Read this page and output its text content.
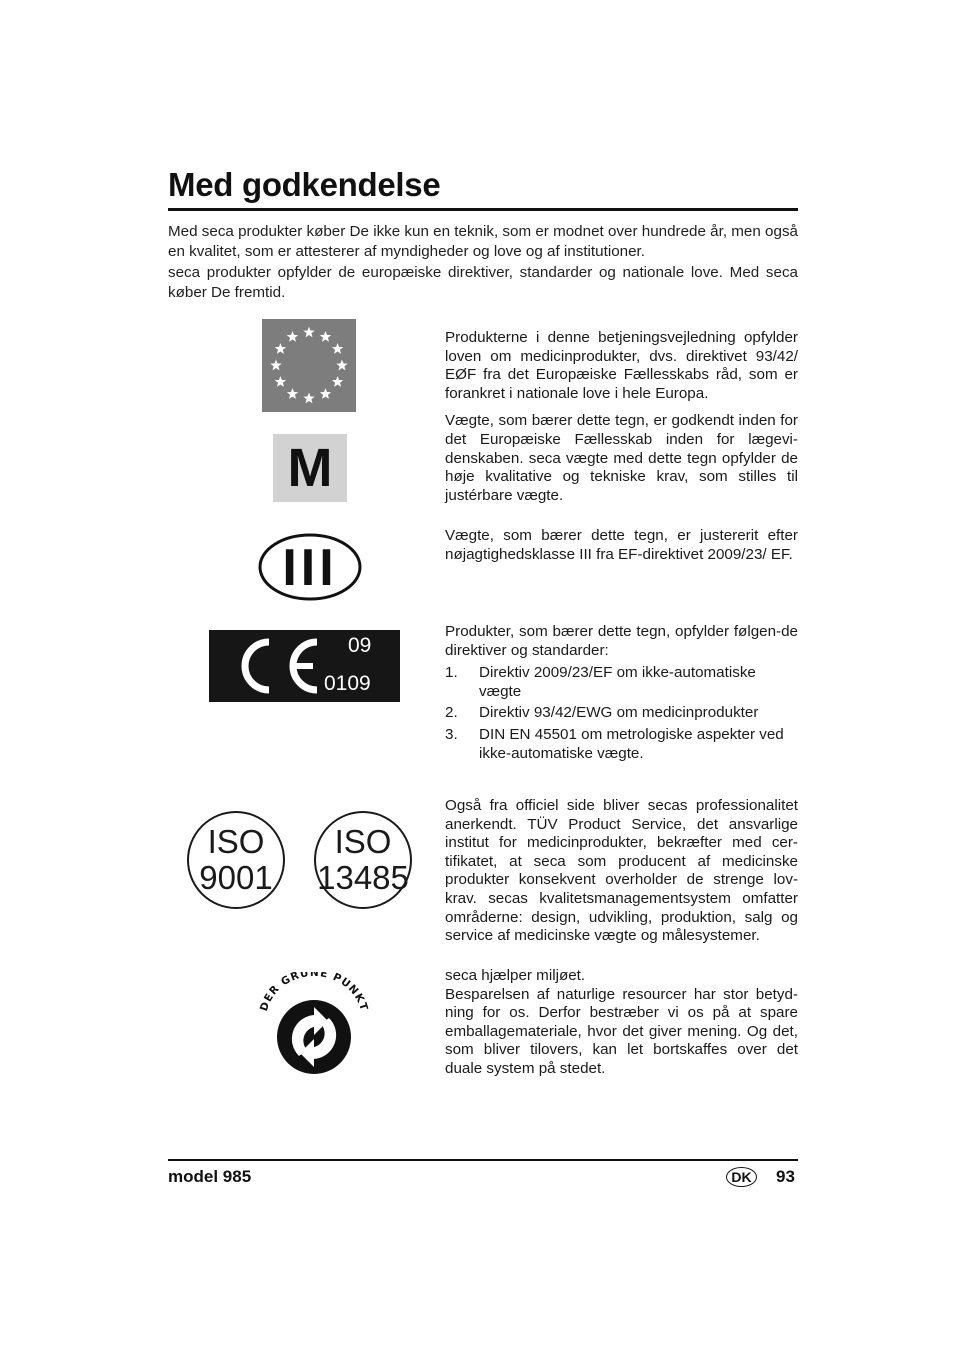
Med godkendelse

Med seca produkter køber De ikke kun en teknik, som er modnet over hundrede år, men også en kvalitet, som er attesterer af myndigheder og love og af institutioner.

seca produkter opfylder de europæiske direktiver, standarder og nationale love. Med seca køber De fremtid.

Produkterne i denne betjeningsvejledning opfylder loven om medicinprodukter, dvs. direktivet 93/42/ EØF fra det Europæiske Fællesskabs råd, som er forankret i nationale love i hele Europa.

Vægte, som bærer dette tegn, er godkendt inden for det Europæiske Fællesskab inden for lægevi-denskaben. seca vægte med dette tegn opfylder de høje kvalitative og tekniske krav, som stilles til justérbare vægte.

M
III

Vægte, som bærer dette tegn, er justererit efter nøjagtighedsklasse III fra EF-direktivet 2009/23/ EF.

09
0109

Produkter, som bærer dette tegn, opfylder følgen-de direktiver og standarder:

1. Direktiv 2009/23/EF om ikke-automatiske vægte
2. Direktiv 93/42/EWG om medicinprodukter
3. DIN EN 45501 om metrologiske aspekter ved ikke-automatiske vægte.
ISO
9001
ISO
13485

Også fra officiel side bliver secas professionalitet anerkendt. TÜV Product Service, det ansvarlige institut for medicinprodukter, bekræfter med cer-tifikatet, at seca som producent af medicinske produkter konsekvent overholder de strenge lov-krav. secas kvalitetsmanagementsystem omfatter områderne: design, udvikling, produktion, salg og service af medicinske vægte og målesystemer.

DER GRÜNE PUNKT

seca hjælper miljøet.

Besparelsen af naturlige resourcer har stor betyd-ning for os. Derfor bestræber vi os på at spare emballagemateriale, hvor det giver mening. Og det, som bliver tilovers, kan let bortskaffes over det duale system på stedet.

model 985	DK	93
